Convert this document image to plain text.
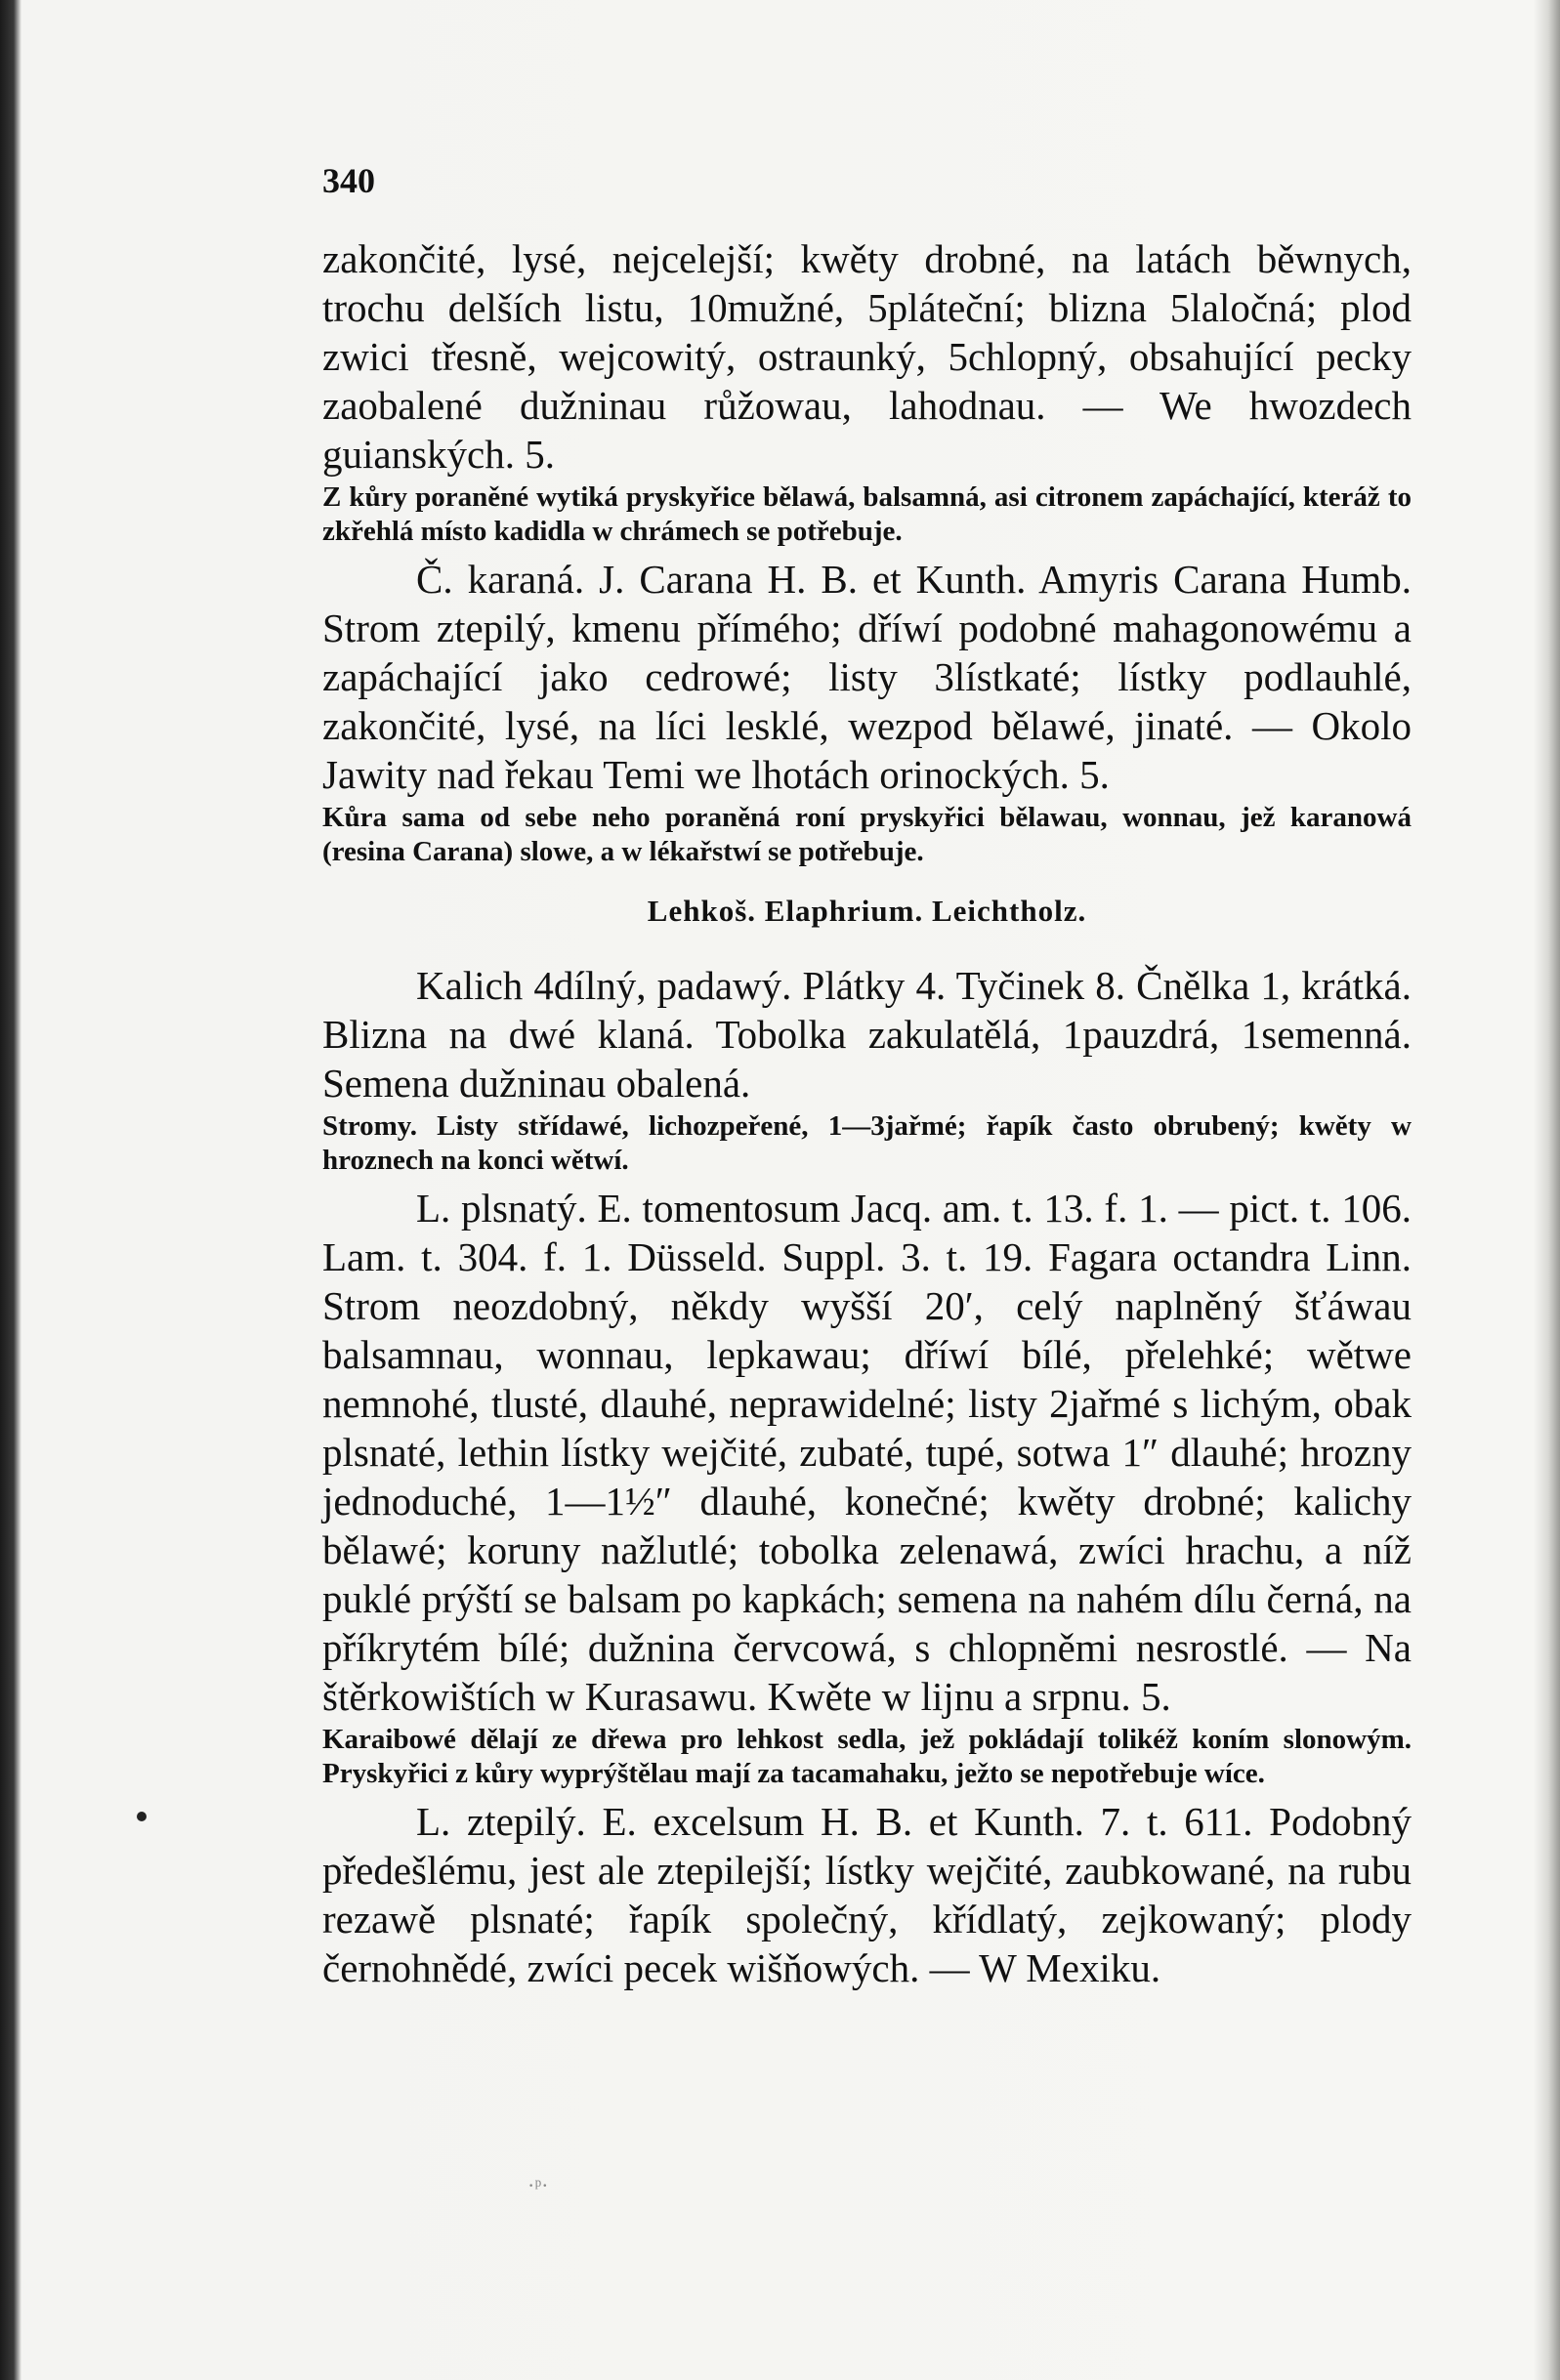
340

zakončité, lysé, nejcelejší; kwěty drobné, na latách běwnych, trochu delších listu, 10mužné, 5pláteční; blizna 5laločná; plod zwici třesně, wejcowitý, ostraunký, 5chlopný, obsahující pecky zaobalené dužninau růžowau, lahodnau. — We hwozdech guianských. 5.

Z kůry poraněné wytiká pryskyřice bělawá, balsamná, asi citronem zapáchající, kteráž to zkřehlá místo kadidla w chrámech se potřebuje.

Č. karaná. J. Carana H. B. et Kunth. Amyris Carana Humb. Strom ztepilý, kmenu přímého; dříwí podobné mahagonowému a zapáchající jako cedrowé; listy 3lístkaté; lístky podlauhlé, zakončité, lysé, na líci lesklé, wezpod bělawé, jinaté. — Okolo Jawity nad řekau Temi we lhotách orinockých. 5.

Kůra sama od sebe neho poraněná roní pryskyřici bělawau, wonnau, jež karanowá (resina Carana) slowe, a w lékařstwí se potřebuje.

Lehkoš. Elaphrium. Leichtholz.

Kalich 4dílný, padawý. Plátky 4. Tyčinek 8. Čnělka 1, krátká. Blizna na dwé klaná. Tobolka zakulatělá, 1pauzdrá, 1semenná. Semena dužninau obalená.

Stromy. Listy střídawé, lichozpeřené, 1—3jařmé; řapík často obrubený; kwěty w hroznech na konci wětwí.

L. plsnatý. E. tomentosum Jacq. am. t. 13. f. 1. — pict. t. 106. Lam. t. 304. f. 1. Düsseld. Suppl. 3. t. 19. Fagara octandra Linn. Strom neozdobný, někdy wyšší 20′, celý naplněný šťáwau balsamnau, wonnau, lepkawau; dříwí bílé, přelehké; wětwe nemnohé, tlusté, dlauhé, neprawidelné; listy 2jařmé s lichým, obak plsnaté, lethin lístky wejčité, zubaté, tupé, sotwa 1″ dlauhé; hrozny jednoduché, 1—1½″ dlauhé, konečné; kwěty drobné; kalichy bělawé; koruny nažlutlé; tobolka zelenawá, zwíci hrachu, a níž puklé prýští se balsam po kapkách; semena na nahém dílu černá, na příkrytém bílé; dužnina červcowá, s chlopněmi nesrostlé. — Na štěrkowištích w Kurasawu. Kwěte w lijnu a srpnu. 5.

Karaibowé dělají ze dřewa pro lehkost sedla, jež pokládají tolikéž koním slonowým. Pryskyřici z kůry wyprýštělau mají za tacamahaku, ježto se nepotřebuje wíce.

L. ztepilý. E. excelsum H. B. et Kunth. 7. t. 611. Podobný předešlému, jest ale ztepilejší; lístky wejčité, zaubkowané, na rubu rezawě plsnaté; řapík společný, křídlatý, zejkowaný; plody černohnědé, zwíci pecek wišňowých. — W Mexiku.

·ᵖ·
